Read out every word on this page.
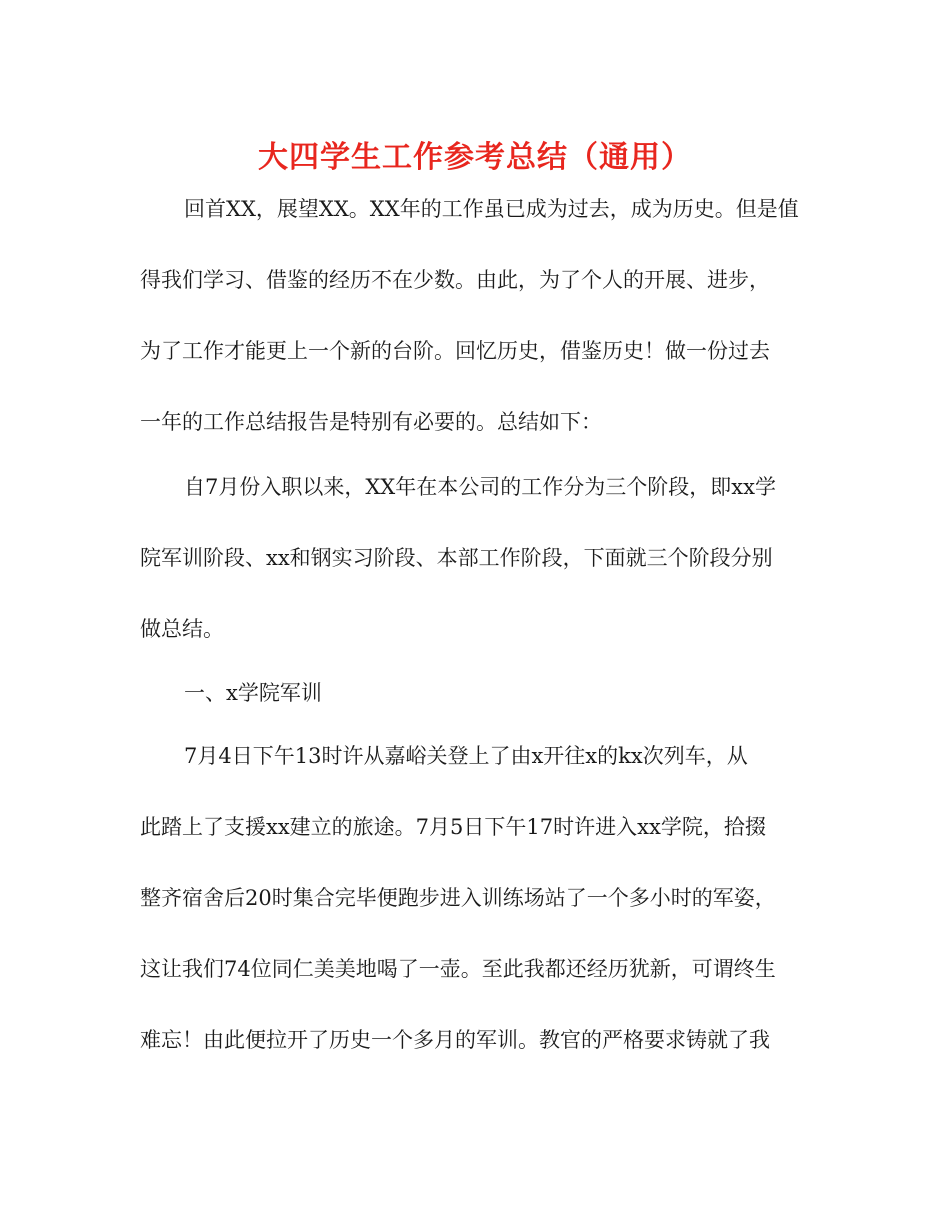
大四学生工作参考总结（通用）

回首XX，展望XX。XX年的工作虽已成为过去，成为历史。但是值

得我们学习、借鉴的经历不在少数。由此，为了个人的开展、进步，

为了工作才能更上一个新的台阶。回忆历史，借鉴历史！做一份过去

一年的工作总结报告是特别有必要的。总结如下：

自7月份入职以来，XX年在本公司的工作分为三个阶段，即xx学

院军训阶段、xx和钢实习阶段、本部工作阶段，下面就三个阶段分别

做总结。

一、x学院军训

7月4日下午13时许从嘉峪关登上了由x开往x的kx次列车，从

此踏上了支援xx建立的旅途。7月5日下午17时许进入xx学院，拾掇

整齐宿舍后20时集合完毕便跑步进入训练场站了一个多小时的军姿，

这让我们74位同仁美美地喝了一壶。至此我都还经历犹新，可谓终生

难忘！由此便拉开了历史一个多月的军训。教官的严格要求铸就了我
